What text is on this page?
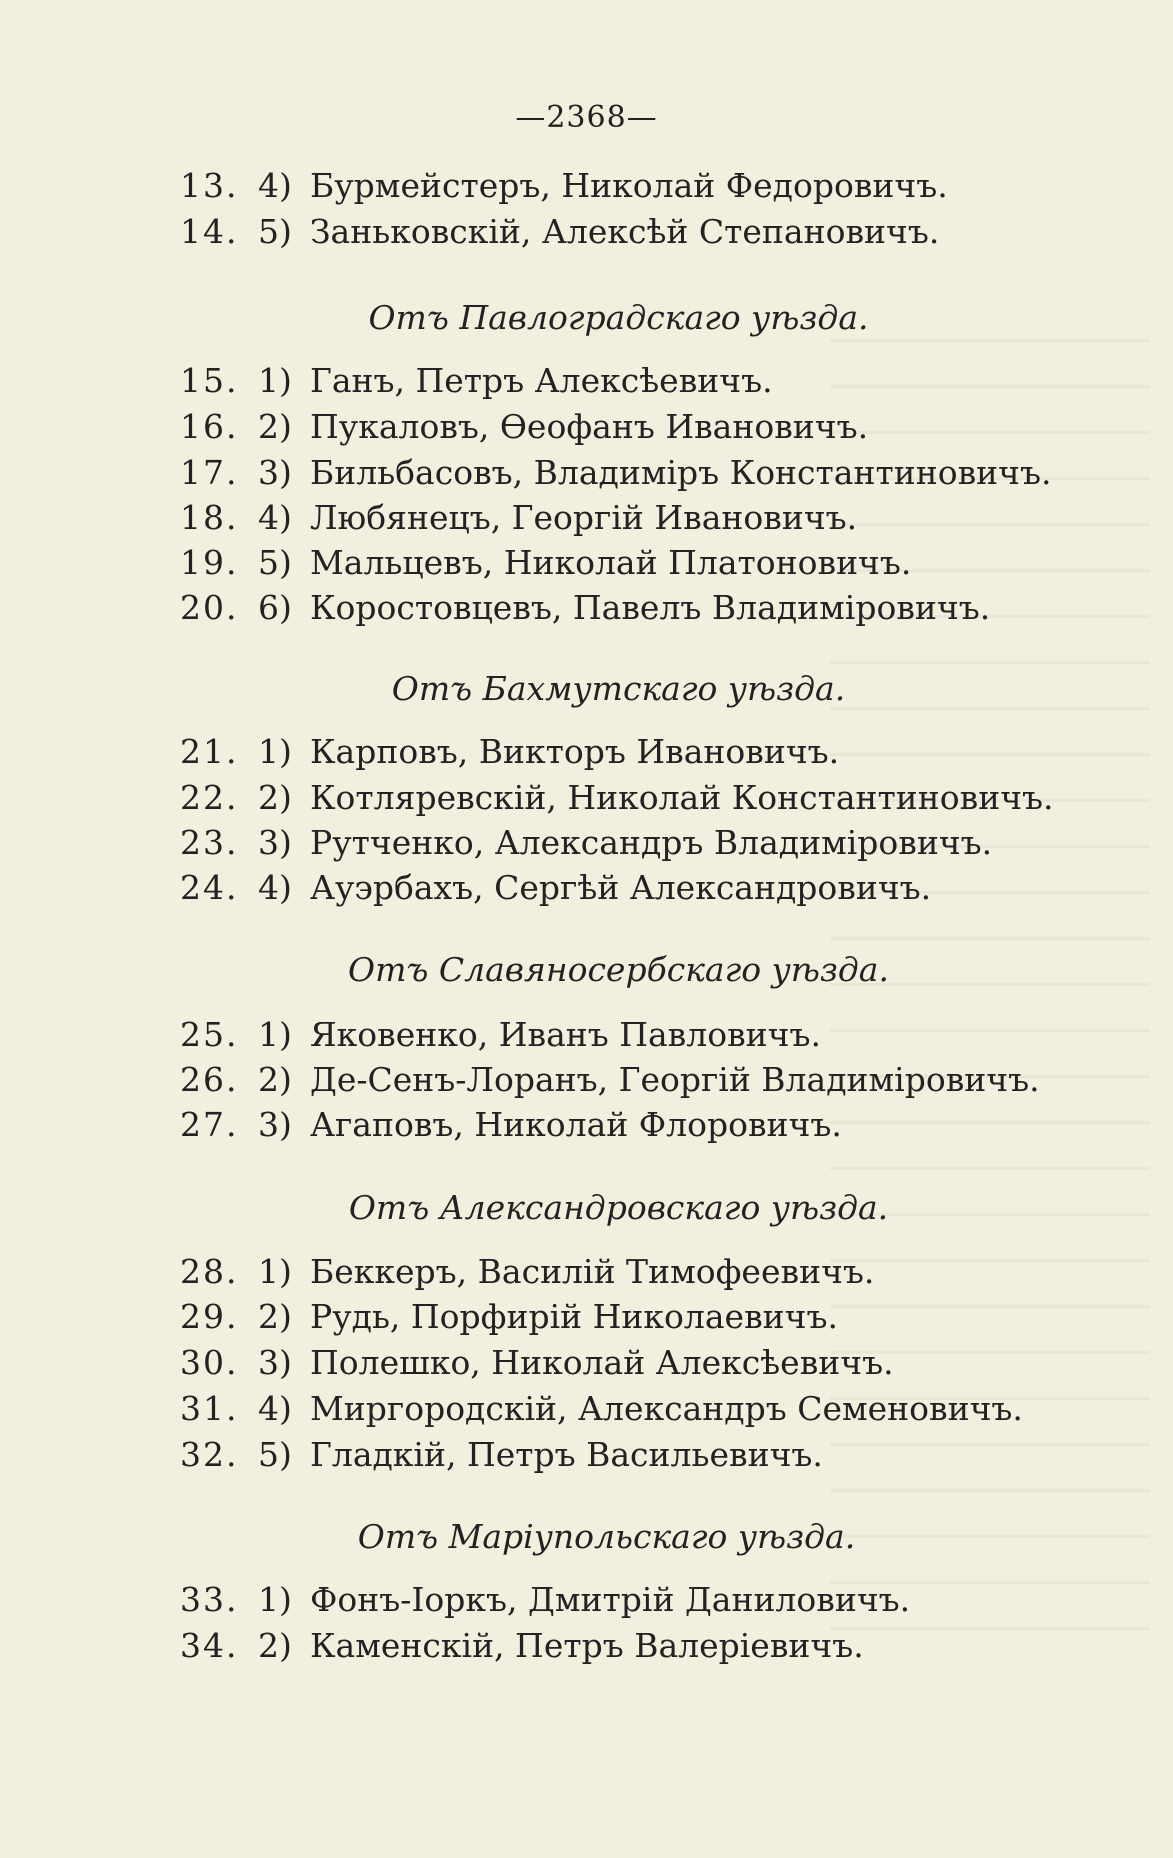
—2368—
13. 4) Бурмейстеръ, Николай Федоровичъ.
14. 5) Заньковскій, Алексѣй Степановичъ.
Отъ Павлоградскаго уѣзда.
15. 1) Ганъ, Петръ Алексѣевичъ.
16. 2) Пукаловъ, Ѳеофанъ Ивановичъ.
17. 3) Бильбасовъ, Владиміръ Константиновичъ.
18. 4) Любянецъ, Георгій Ивановичъ.
19. 5) Мальцевъ, Николай Платоновичъ.
20. 6) Коростовцевъ, Павелъ Владиміровичъ.
Отъ Бахмутскаго уѣзда.
21. 1) Карповъ, Викторъ Ивановичъ.
22. 2) Котляревскій, Николай Константиновичъ.
23. 3) Рутченко, Александръ Владиміровичъ.
24. 4) Ауэрбахъ, Сергѣй Александровичъ.
Отъ Славяносербскаго уѣзда.
25. 1) Яковенко, Иванъ Павловичъ.
26. 2) Де-Сенъ-Лоранъ, Георгій Владиміровичъ.
27. 3) Агаповъ, Николай Флоровичъ.
Отъ Александровскаго уѣзда.
28. 1) Беккеръ, Василій Тимофеевичъ.
29. 2) Рудь, Порфирій Николаевичъ.
30. 3) Полешко, Николай Алексѣевичъ.
31. 4) Миргородскій, Александръ Семеновичъ.
32. 5) Гладкій, Петръ Васильевичъ.
Отъ Маріупольскаго уѣзда.
33. 1) Фонъ-Іоркъ, Дмитрій Даниловичъ.
34. 2) Каменскій, Петръ Валеріевичъ.
